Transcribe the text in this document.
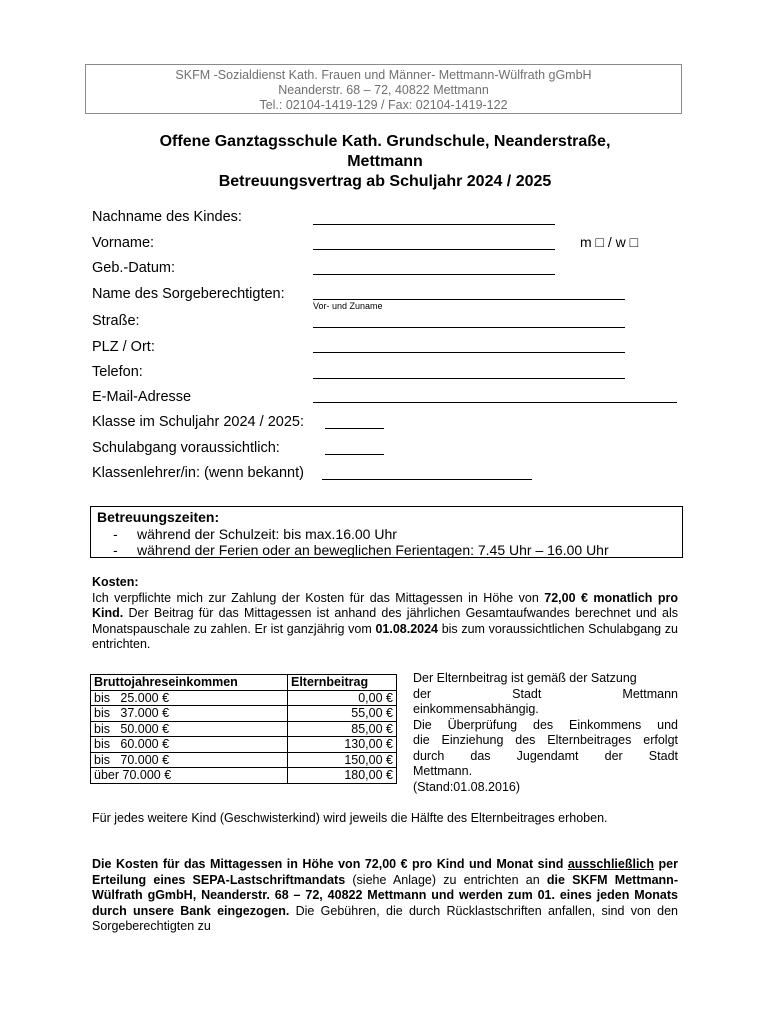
SKFM -Sozialdienst Kath. Frauen und Männer- Mettmann-Wülfrath gGmbH
Neanderstr. 68 – 72, 40822 Mettmann
Tel.: 02104-1419-129 / Fax: 02104-1419-122
Offene Ganztagsschule Kath. Grundschule, Neanderstraße,
Mettmann
Betreuungsvertrag ab Schuljahr 2024 / 2025
Nachname des Kindes:
Vorname:	m □ / w □
Geb.-Datum:
Name des Sorgeberechtigten:
Vor- und Zuname
Straße:
PLZ / Ort:
Telefon:
E-Mail-Adresse
Klasse im Schuljahr 2024 / 2025:
Schulabgang voraussichtlich:
Klassenlehrer/in: (wenn bekannt)
Betreuungszeiten:
- während der Schulzeit: bis max.16.00 Uhr
- während der Ferien oder an beweglichen Ferientagen: 7.45 Uhr – 16.00 Uhr
Kosten:
Ich verpflichte mich zur Zahlung der Kosten für das Mittagessen in Höhe von 72,00 € monatlich pro Kind. Der Beitrag für das Mittagessen ist anhand des jährlichen Gesamtaufwandes berechnet und als Monatspauschale zu zahlen. Er ist ganzjährig vom 01.08.2024 bis zum voraussichtlichen Schulabgang zu entrichten.
Bruttojahreseinkommen	Elternbeitrag
bis   25.000 €	0,00 €
bis   37.000 €	55,00 €
bis   50.000 €	85,00 €
bis   60.000 €	130,00 €
bis   70.000 €	150,00 €
über 70.000 €	180,00 €
Der Elternbeitrag ist gemäß der Satzung
der Stadt Mettmann
einkommensabhängig.
Die Überprüfung des Einkommens und
die Einziehung des Elternbeitrages erfolgt
durch das Jugendamt der Stadt
Mettmann.
(Stand:01.08.2016)
Für jedes weitere Kind (Geschwisterkind) wird jeweils die Hälfte des Elternbeitrages erhoben.
Die Kosten für das Mittagessen in Höhe von 72,00 € pro Kind und Monat sind ausschließlich per Erteilung eines SEPA-Lastschriftmandats (siehe Anlage) zu entrichten an die SKFM Mettmann-Wülfrath gGmbH, Neanderstr. 68 – 72, 40822 Mettmann und werden zum 01. eines jeden Monats durch unsere Bank eingezogen. Die Gebühren, die durch Rücklastschriften anfallen, sind von den Sorgeberechtigten zu
